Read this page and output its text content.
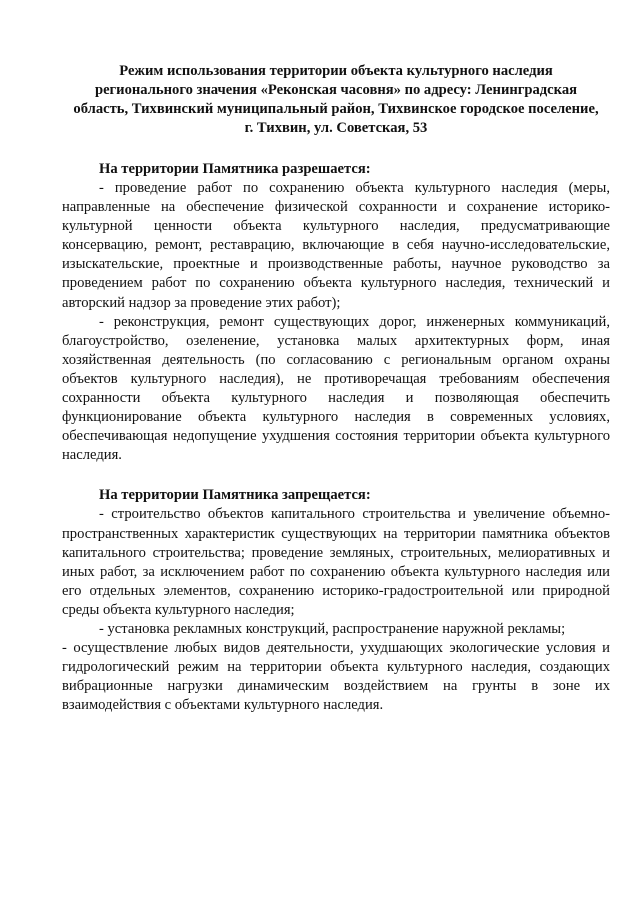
Режим использования территории объекта культурного наследия
регионального значения «Реконская часовня» по адресу: Ленинградская
область, Тихвинский муниципальный район, Тихвинское городское поселение,
г. Тихвин, ул. Советская, 53

На территории Памятника разрешается:

- проведение работ по сохранению объекта культурного наследия (меры, направленные на обеспечение физической сохранности и сохранение историко-культурной ценности объекта культурного наследия, предусматривающие консервацию, ремонт, реставрацию, включающие в себя научно-исследовательские, изыскательские, проектные и производственные работы, научное руководство за проведением работ по сохранению объекта культурного наследия, технический и авторский надзор за проведение этих работ);

- реконструкция, ремонт существующих дорог, инженерных коммуникаций, благоустройство, озеленение, установка малых архитектурных форм, иная хозяйственная деятельность (по согласованию с региональным органом охраны объектов культурного наследия), не противоречащая требованиям обеспечения сохранности объекта культурного наследия и позволяющая обеспечить функционирование объекта культурного наследия в современных условиях, обеспечивающая недопущение ухудшения состояния территории объекта культурного наследия.

На территории Памятника запрещается:

- строительство объектов капитального строительства и увеличение объемно-пространственных характеристик существующих на территории памятника объектов капитального строительства; проведение земляных, строительных, мелиоративных и иных работ, за исключением работ по сохранению объекта культурного наследия или его отдельных элементов, сохранению историко-градостроительной или природной среды объекта культурного наследия;

- установка рекламных конструкций, распространение наружной рекламы;

- осуществление любых видов деятельности, ухудшающих экологические условия и гидрологический режим на территории объекта культурного наследия, создающих вибрационные нагрузки динамическим воздействием на грунты в зоне их взаимодействия с объектами культурного наследия.
